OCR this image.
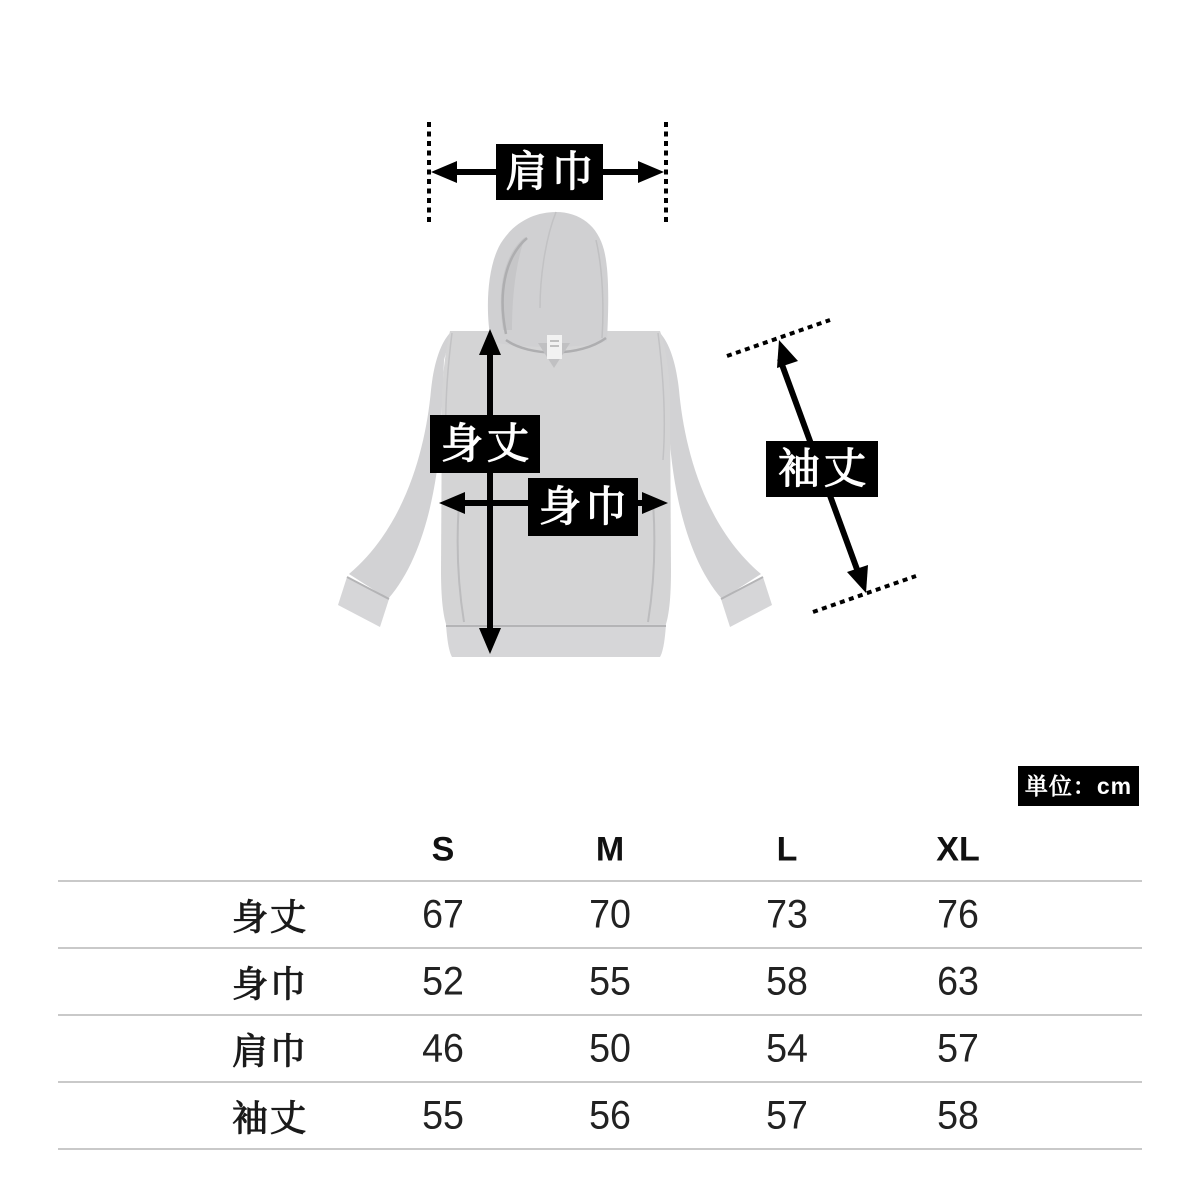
肩巾
身丈
身巾
袖丈
単位：cm
S	M	L	XL
身丈	67	70	73	76
身巾	52	55	58	63
肩巾	46	50	54	57
袖丈	55	56	57	58
